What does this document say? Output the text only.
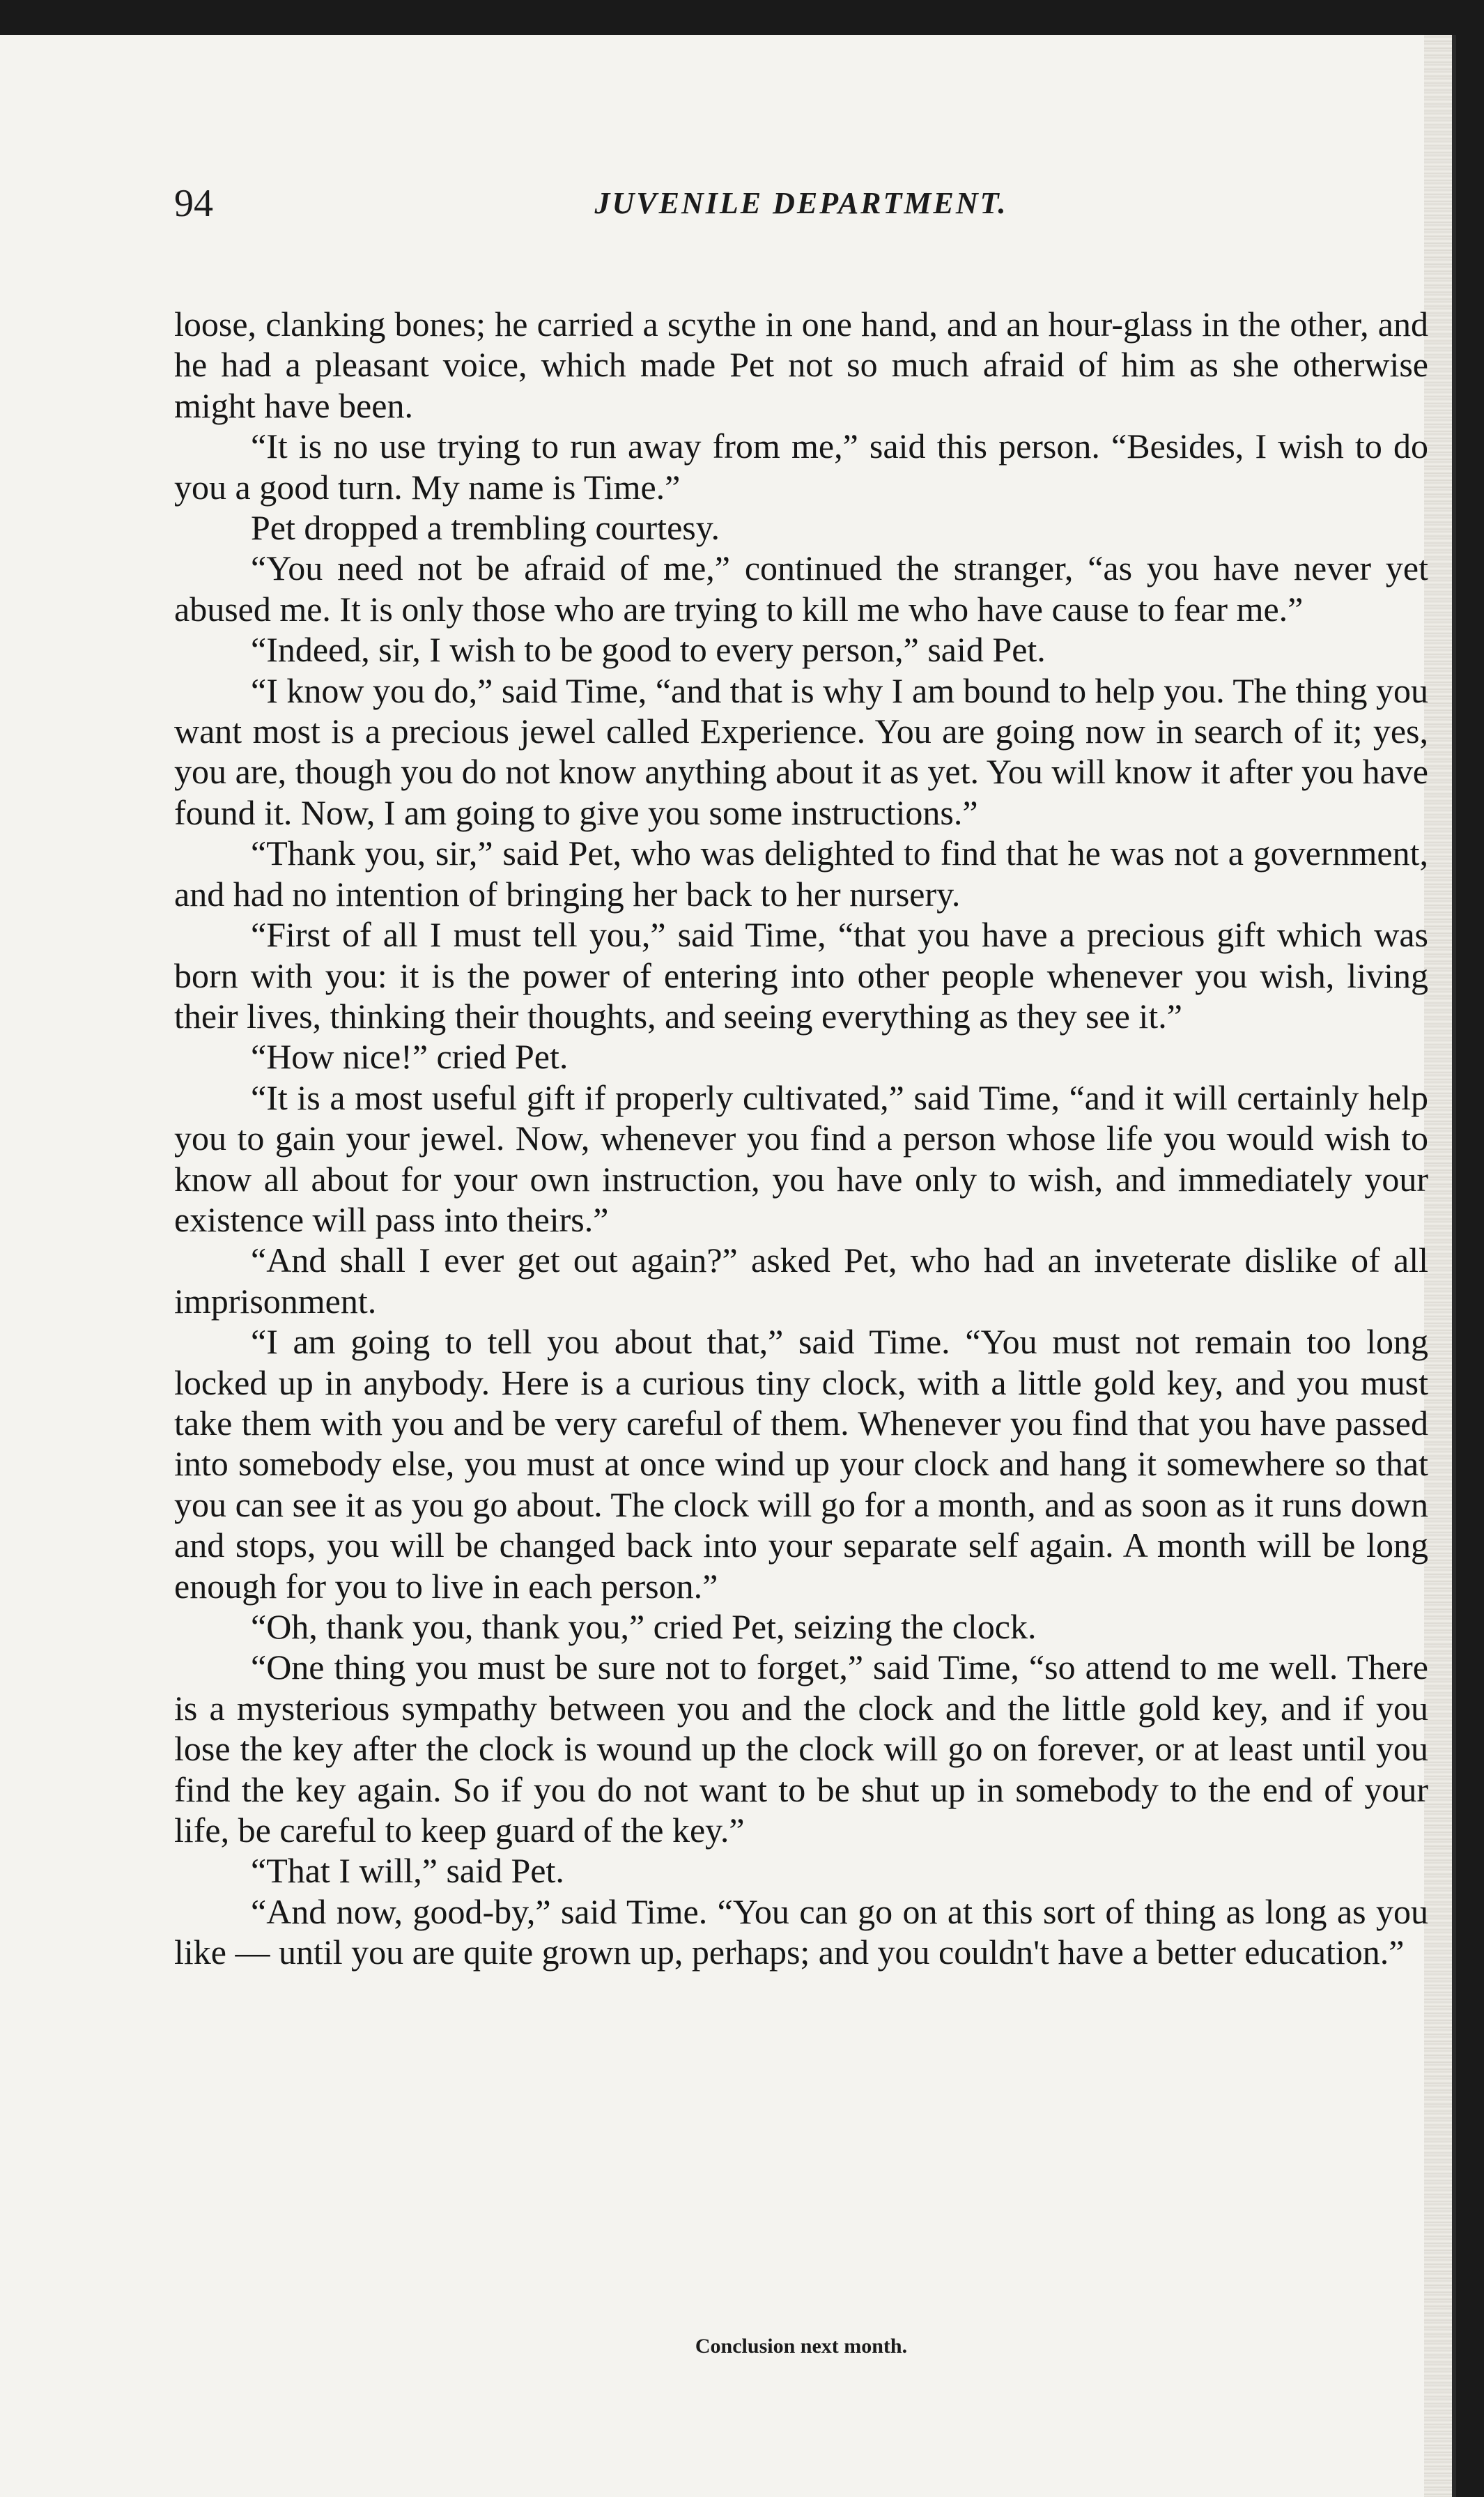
94	JUVENILE DEPARTMENT.

loose, clanking bones; he carried a scythe in one hand, and an hour-glass in the other, and he had a pleasant voice, which made Pet not so much afraid of him as she otherwise might have been.

“It is no use trying to run away from me,” said this person. “Besides, I wish to do you a good turn. My name is Time.”

Pet dropped a trembling courtesy.

“You need not be afraid of me,” continued the stranger, “as you have never yet abused me. It is only those who are trying to kill me who have cause to fear me.”

“Indeed, sir, I wish to be good to every person,” said Pet.

“I know you do,” said Time, “and that is why I am bound to help you. The thing you want most is a precious jewel called Experience. You are going now in search of it; yes, you are, though you do not know anything about it as yet. You will know it after you have found it. Now, I am going to give you some instructions.”

“Thank you, sir,” said Pet, who was delighted to find that he was not a government, and had no intention of bringing her back to her nursery.

“First of all I must tell you,” said Time, “that you have a precious gift which was born with you: it is the power of entering into other people whenever you wish, living their lives, thinking their thoughts, and seeing everything as they see it.”

“How nice!” cried Pet.

“It is a most useful gift if properly cultivated,” said Time, “and it will certainly help you to gain your jewel. Now, whenever you find a person whose life you would wish to know all about for your own instruction, you have only to wish, and immediately your existence will pass into theirs.”

“And shall I ever get out again?” asked Pet, who had an inveterate dislike of all imprisonment.

“I am going to tell you about that,” said Time. “You must not remain too long locked up in anybody. Here is a curious tiny clock, with a little gold key, and you must take them with you and be very careful of them. Whenever you find that you have passed into somebody else, you must at once wind up your clock and hang it somewhere so that you can see it as you go about. The clock will go for a month, and as soon as it runs down and stops, you will be changed back into your separate self again. A month will be long enough for you to live in each person.”

“Oh, thank you, thank you,” cried Pet, seizing the clock.

“One thing you must be sure not to forget,” said Time, “so attend to me well. There is a mysterious sympathy between you and the clock and the little gold key, and if you lose the key after the clock is wound up the clock will go on forever, or at least until you find the key again. So if you do not want to be shut up in somebody to the end of your life, be careful to keep guard of the key.”

“That I will,” said Pet.

“And now, good-by,” said Time. “You can go on at this sort of thing as long as you like — until you are quite grown up, perhaps; and you couldn't have a better education.”

Conclusion next month.
